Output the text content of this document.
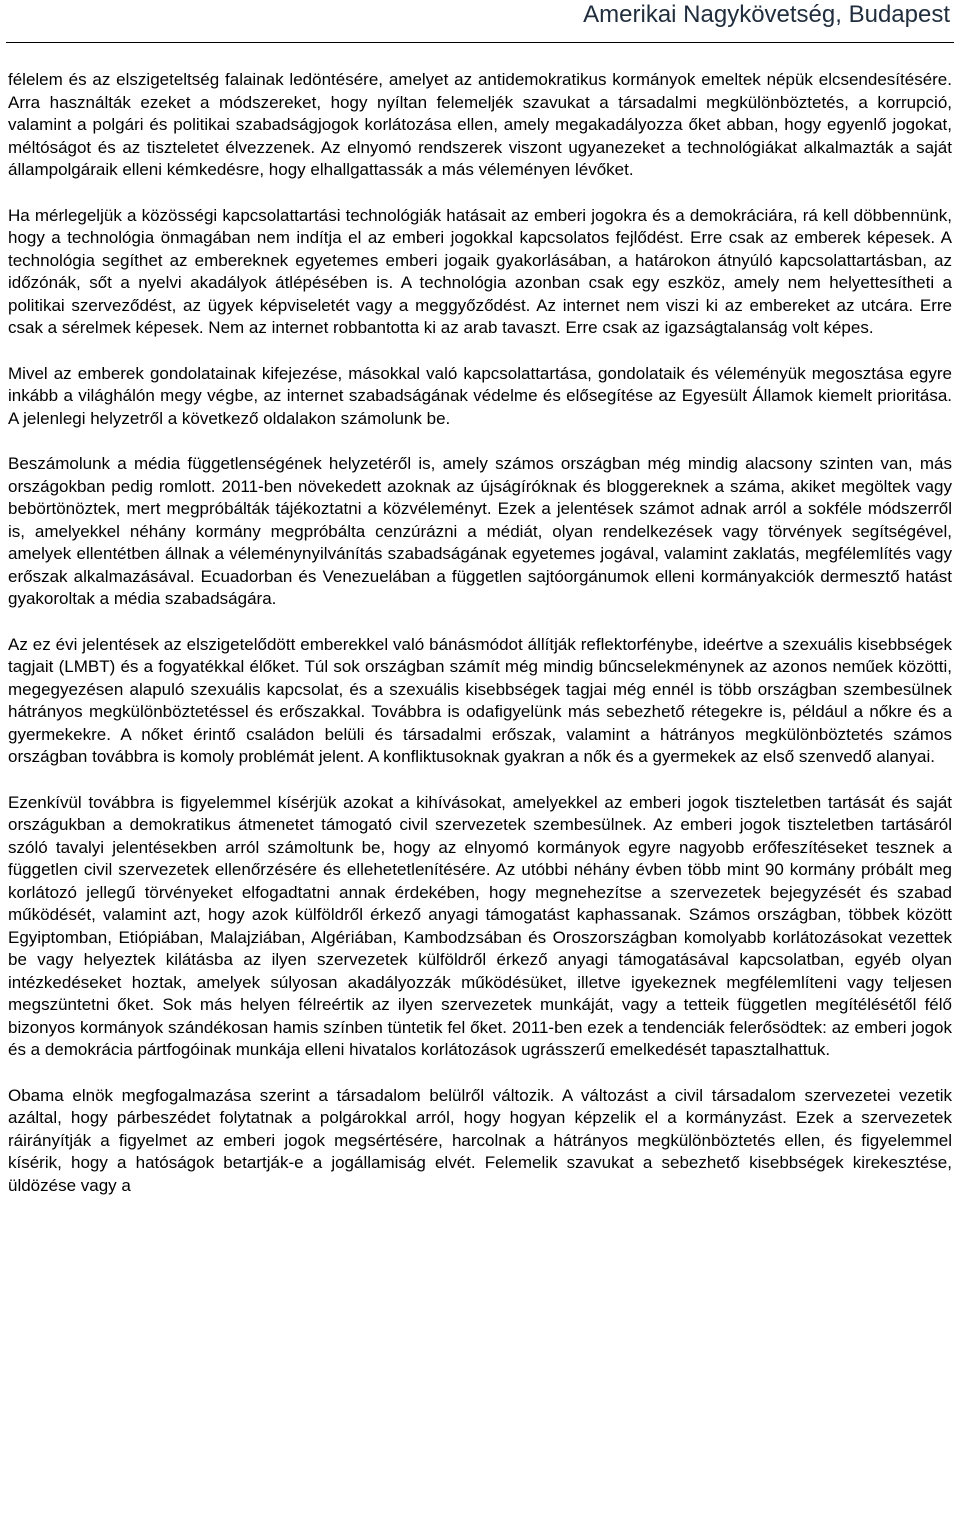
Amerikai Nagykövetség, Budapest

félelem és az elszigeteltség falainak ledöntésére, amelyet az antidemokratikus kormányok emeltek népük elcsendesítésére. Arra használták ezeket a módszereket, hogy nyíltan felemeljék szavukat a társadalmi megkülönböztetés, a korrupció, valamint a polgári és politikai szabadságjogok korlátozása ellen, amely megakadályozza őket abban, hogy egyenlő jogokat, méltóságot és az tiszteletet élvezzenek. Az elnyomó rendszerek viszont ugyanezeket a technológiákat alkalmazták a saját állampolgáraik elleni kémkedésre, hogy elhallgattassák a más véleményen lévőket.

Ha mérlegeljük a közösségi kapcsolattartási technológiák hatásait az emberi jogokra és a demokráciára, rá kell döbbennünk, hogy a technológia önmagában nem indítja el az emberi jogokkal kapcsolatos fejlődést. Erre csak az emberek képesek. A technológia segíthet az embereknek egyetemes emberi jogaik gyakorlásában, a határokon átnyúló kapcsolattartásban, az időzónák, sőt a nyelvi akadályok átlépésében is. A technológia azonban csak egy eszköz, amely nem helyettesítheti a politikai szerveződést, az ügyek képviseletét vagy a meggyőződést. Az internet nem viszi ki az embereket az utcára. Erre csak a sérelmek képesek. Nem az internet robbantotta ki az arab tavaszt. Erre csak az igazságtalanság volt képes.

Mivel az emberek gondolatainak kifejezése, másokkal való kapcsolattartása, gondolataik és véleményük megosztása egyre inkább a világhálón megy végbe, az internet szabadságának védelme és elősegítése az Egyesült Államok kiemelt prioritása. A jelenlegi helyzetről a következő oldalakon számolunk be.

Beszámolunk a média függetlenségének helyzetéről is, amely számos országban még mindig alacsony szinten van, más országokban pedig romlott. 2011-ben növekedett azoknak az újságíróknak és bloggereknek a száma, akiket megöltek vagy bebörtönöztek, mert megpróbálták tájékoztatni a közvéleményt. Ezek a jelentések számot adnak arról a sokféle módszerről is, amelyekkel néhány kormány megpróbálta cenzúrázni a médiát, olyan rendelkezések vagy törvények segítségével, amelyek ellentétben állnak a véleménynyilvánítás szabadságának egyetemes jogával, valamint zaklatás, megfélemlítés vagy erőszak alkalmazásával. Ecuadorban és Venezuelában a független sajtóorgánumok elleni kormányakciók dermesztő hatást gyakoroltak a média szabadságára.

Az ez évi jelentések az elszigetelődött emberekkel való bánásmódot állítják reflektorfénybe, ideértve a szexuális kisebbségek tagjait (LMBT) és a fogyatékkal élőket. Túl sok országban számít még mindig bűncselekménynek az azonos neműek közötti, megegyezésen alapuló szexuális kapcsolat, és a szexuális kisebbségek tagjai még ennél is több országban szembesülnek hátrányos megkülönböztetéssel és erőszakkal. Továbbra is odafigyelünk más sebezhető rétegekre is, például a nőkre és a gyermekekre. A nőket érintő családon belüli és társadalmi erőszak, valamint a hátrányos megkülönböztetés számos országban továbbra is komoly problémát jelent. A konfliktusoknak gyakran a nők és a gyermekek az első szenvedő alanyai.

Ezenkívül továbbra is figyelemmel kísérjük azokat a kihívásokat, amelyekkel az emberi jogok tiszteletben tartását és saját országukban a demokratikus átmenetet támogató civil szervezetek szembesülnek. Az emberi jogok tiszteletben tartásáról szóló tavalyi jelentésekben arról számoltunk be, hogy az elnyomó kormányok egyre nagyobb erőfeszítéseket tesznek a független civil szervezetek ellenőrzésére és ellehetetlenítésére. Az utóbbi néhány évben több mint 90 kormány próbált meg korlátozó jellegű törvényeket elfogadtatni annak érdekében, hogy megnehezítse a szervezetek bejegyzését és szabad működését, valamint azt, hogy azok külföldről érkező anyagi támogatást kaphassanak. Számos országban, többek között Egyiptomban, Etiópiában, Malajziában, Algériában, Kambodzsában és Oroszországban komolyabb korlátozásokat vezettek be vagy helyeztek kilátásba az ilyen szervezetek külföldről érkező anyagi támogatásával kapcsolatban, egyéb olyan intézkedéseket hoztak, amelyek súlyosan akadályozzák működésüket, illetve igyekeznek megfélemlíteni vagy teljesen megszüntetni őket. Sok más helyen félreértik az ilyen szervezetek munkáját, vagy a tetteik független megítélésétől félő bizonyos kormányok szándékosan hamis színben tüntetik fel őket. 2011-ben ezek a tendenciák felerősödtek: az emberi jogok és a demokrácia pártfogóinak munkája elleni hivatalos korlátozások ugrásszerű emelkedését tapasztalhattuk.

Obama elnök megfogalmazása szerint a társadalom belülről változik. A változást a civil társadalom szervezetei vezetik azáltal, hogy párbeszédet folytatnak a polgárokkal arról, hogy hogyan képzelik el a kormányzást. Ezek a szervezetek ráirányítják a figyelmet az emberi jogok megsértésére, harcolnak a hátrányos megkülönböztetés ellen, és figyelemmel kísérik, hogy a hatóságok betartják-e a jogállamiság elvét. Felemelik szavukat a sebezhető kisebbségek kirekesztése, üldözése vagy a
